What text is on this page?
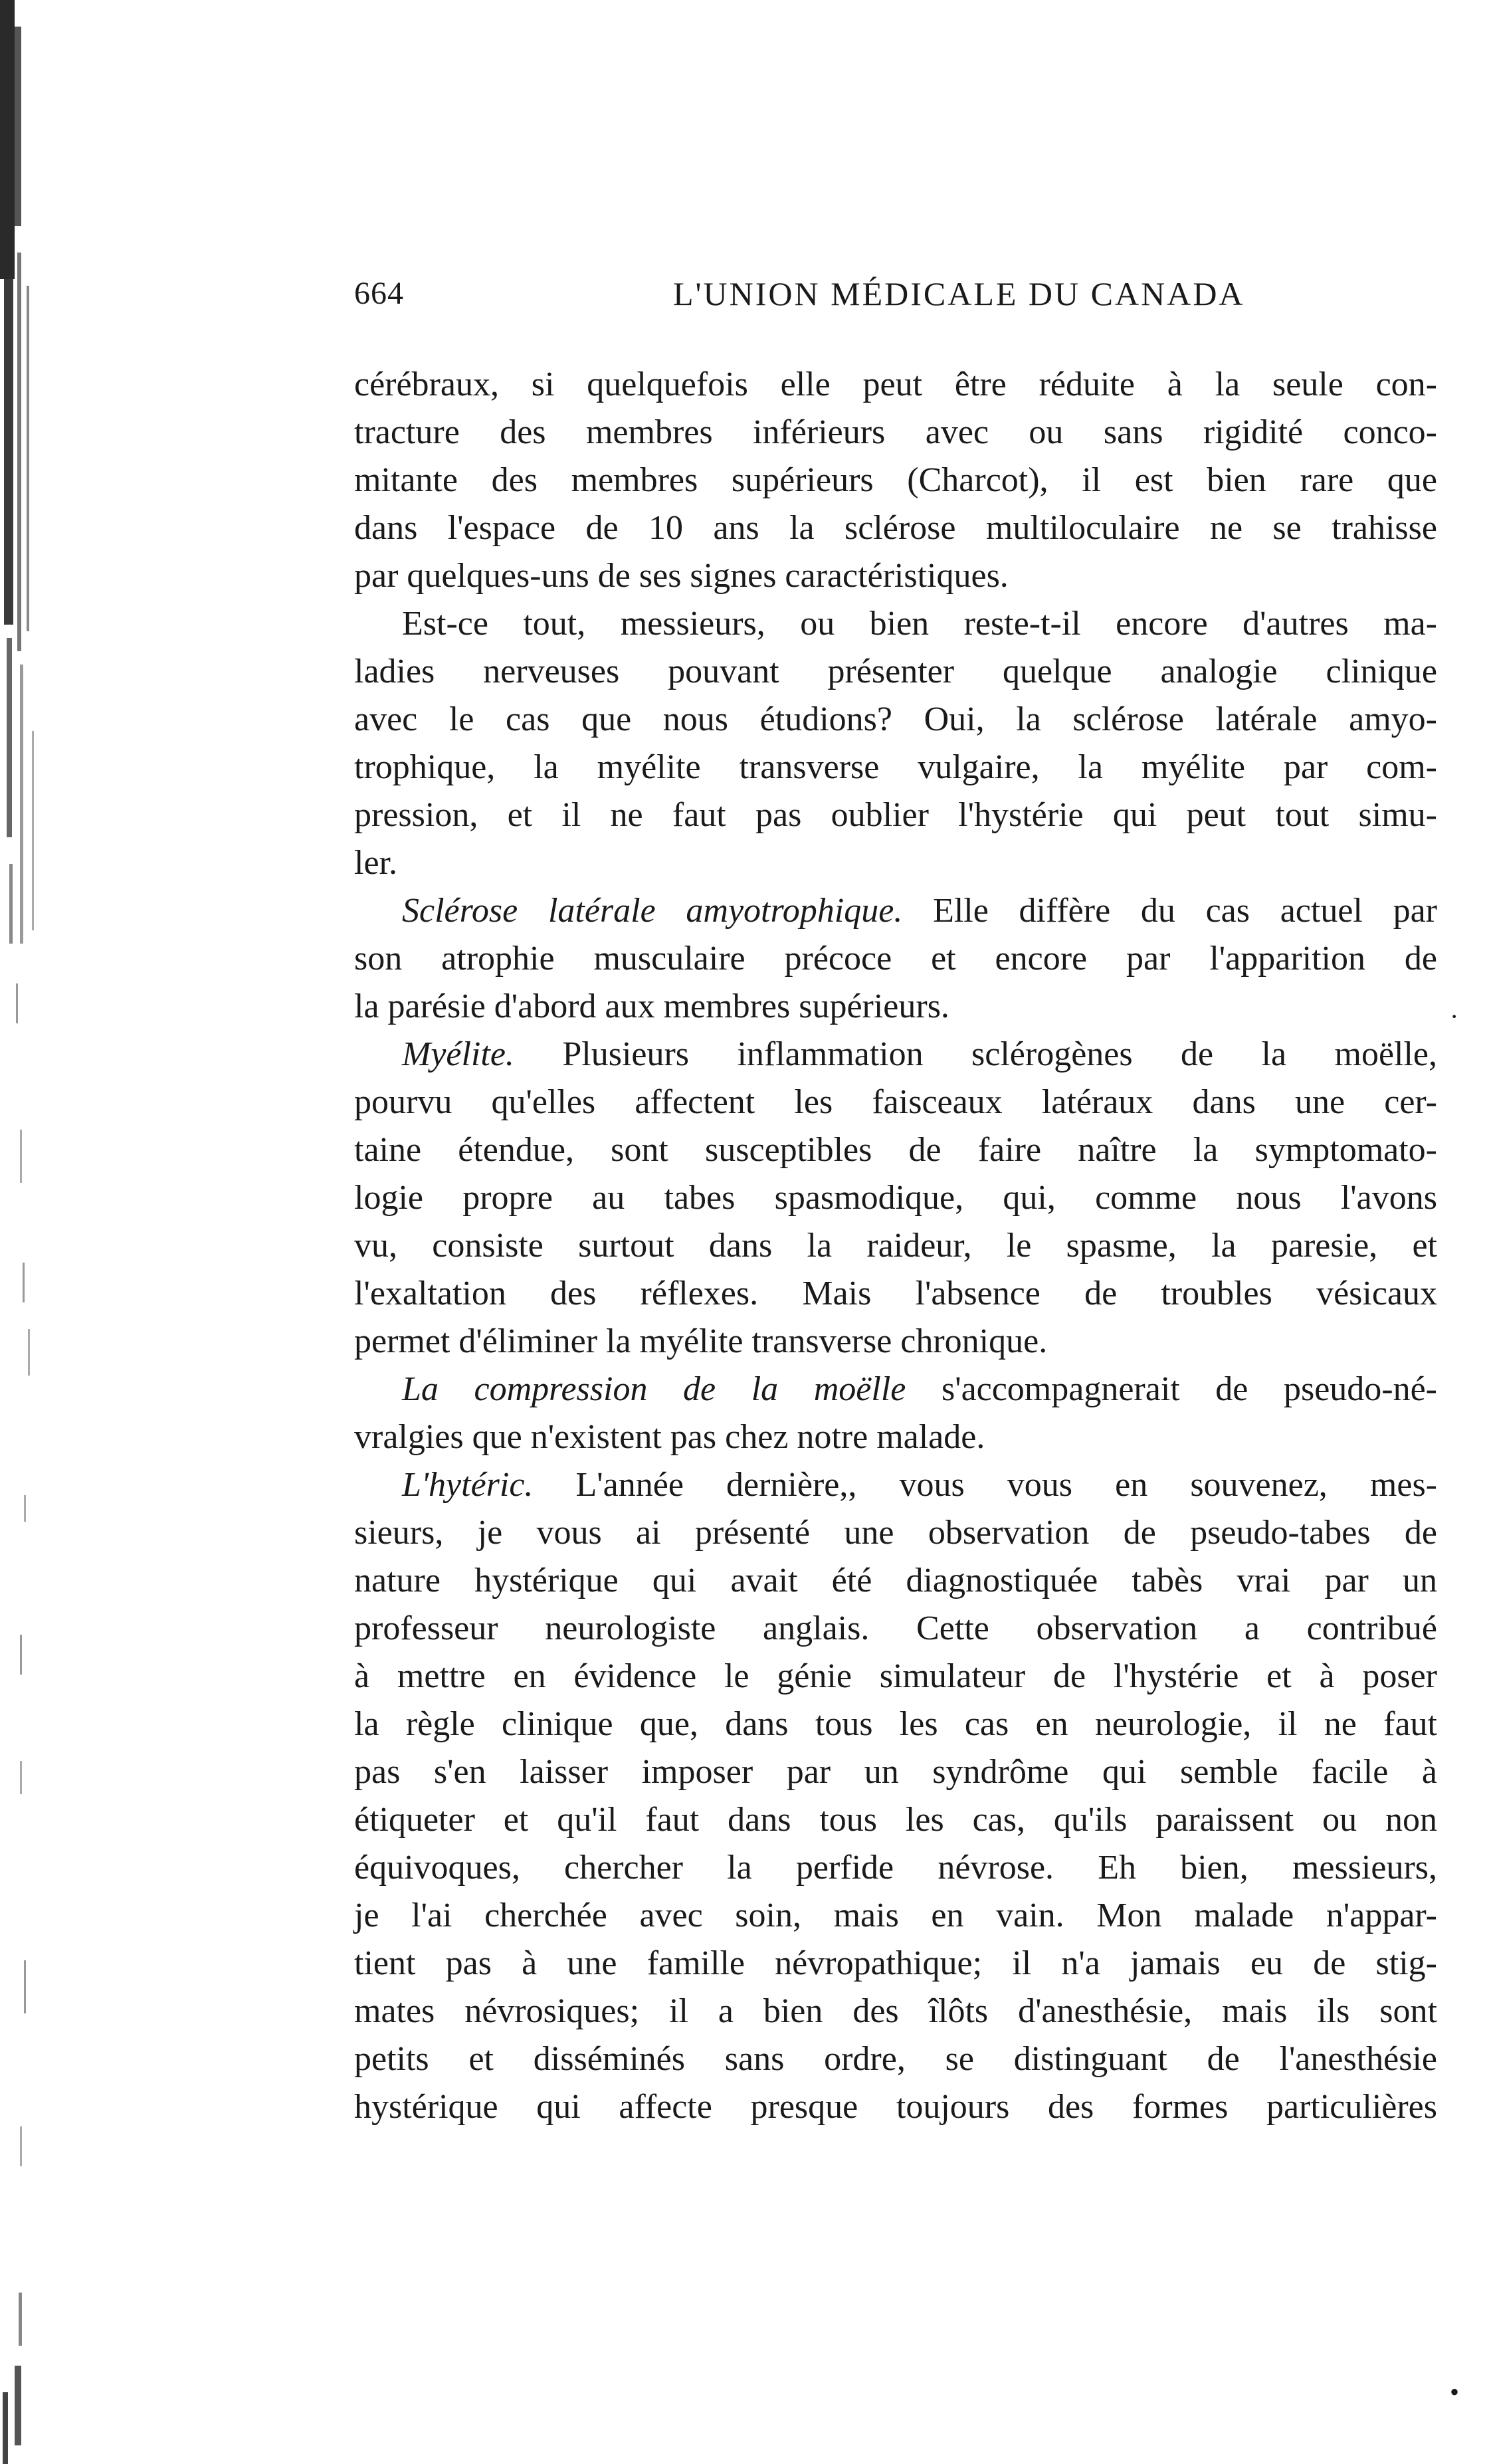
664	L'UNION MÉDICALE DU CANADA
cérébraux, si quelquefois elle peut être réduite à la seule con-
tracture des membres inférieurs avec ou sans rigidité conco-
mitante des membres supérieurs (Charcot), il est bien rare que
dans l'espace de 10 ans la sclérose multiloculaire ne se trahisse
par quelques-uns de ses signes caractéristiques.
Est-ce tout, messieurs, ou bien reste-t-il encore d'autres ma-
ladies nerveuses pouvant présenter quelque analogie clinique
avec le cas que nous étudions? Oui, la sclérose latérale amyo-
trophique, la myélite transverse vulgaire, la myélite par com-
pression, et il ne faut pas oublier l'hystérie qui peut tout simu-
ler.
Sclérose latérale amyotrophique. Elle diffère du cas actuel par
son atrophie musculaire précoce et encore par l'apparition de
la parésie d'abord aux membres supérieurs.
Myélite. Plusieurs inflammation sclérogènes de la moëlle,
pourvu qu'elles affectent les faisceaux latéraux dans une cer-
taine étendue, sont susceptibles de faire naître la symptomato-
logie propre au tabes spasmodique, qui, comme nous l'avons
vu, consiste surtout dans la raideur, le spasme, la paresie, et
l'exaltation des réflexes. Mais l'absence de troubles vésicaux
permet d'éliminer la myélite transverse chronique.
La compression de la moëlle s'accompagnerait de pseudo-né-
vralgies que n'existent pas chez notre malade.
L'hytéric. L'année dernière,, vous vous en souvenez, mes-
sieurs, je vous ai présenté une observation de pseudo-tabes de
nature hystérique qui avait été diagnostiquée tabès vrai par un
professeur neurologiste anglais. Cette observation a contribué
à mettre en évidence le génie simulateur de l'hystérie et à poser
la règle clinique que, dans tous les cas en neurologie, il ne faut
pas s'en laisser imposer par un syndrôme qui semble facile à
étiqueter et qu'il faut dans tous les cas, qu'ils paraissent ou non
équivoques, chercher la perfide névrose. Eh bien, messieurs,
je l'ai cherchée avec soin, mais en vain. Mon malade n'appar-
tient pas à une famille névropathique; il n'a jamais eu de stig-
mates névrosiques; il a bien des îlôts d'anesthésie, mais ils sont
petits et disséminés sans ordre, se distinguant de l'anesthésie
hystérique qui affecte presque toujours des formes particulières
·
•
